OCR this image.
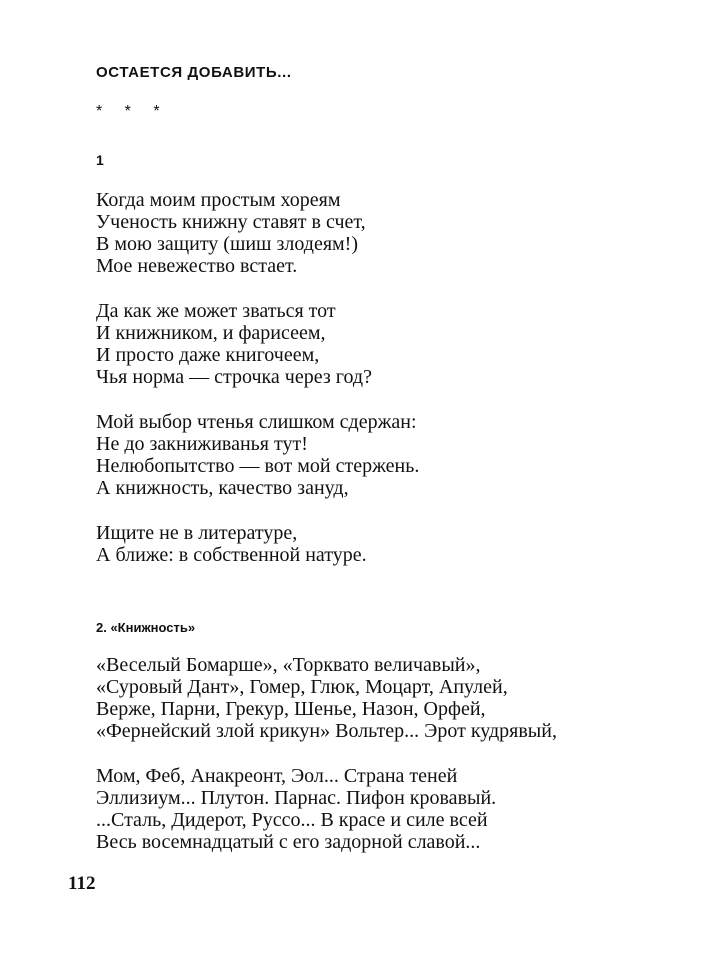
ОСТАЕТСЯ ДОБАВИТЬ...
* * *
1
Когда моим простым хореям
Ученость книжну ставят в счет,
В мою защиту (шиш злодеям!)
Мое невежество встает.
Да как же может зваться тот
И книжником, и фарисеем,
И просто даже книгочеем,
Чья норма — строчка через год?
Мой выбор чтенья слишком сдержан:
Не до закниживанья тут!
Нелюбопытство — вот мой стержень.
А книжность, качество зануд,
Ищите не в литературе,
А ближе: в собственной натуре.
2. «Книжность»
«Веселый Бомарше», «Торквато величавый»,
«Суровый Дант», Гомер, Глюк, Моцарт, Апулей,
Верже, Парни, Грекур, Шенье, Назон, Орфей,
«Фернейский злой крикун» Вольтер... Эрот кудрявый,
Мом, Феб, Анакреонт, Эол... Страна теней
Эллизиум... Плутон. Парнас. Пифон кровавый.
...Сталь, Дидерот, Руссо... В красе и силе всей
Весь восемнадцатый с его задорной славой...
112
